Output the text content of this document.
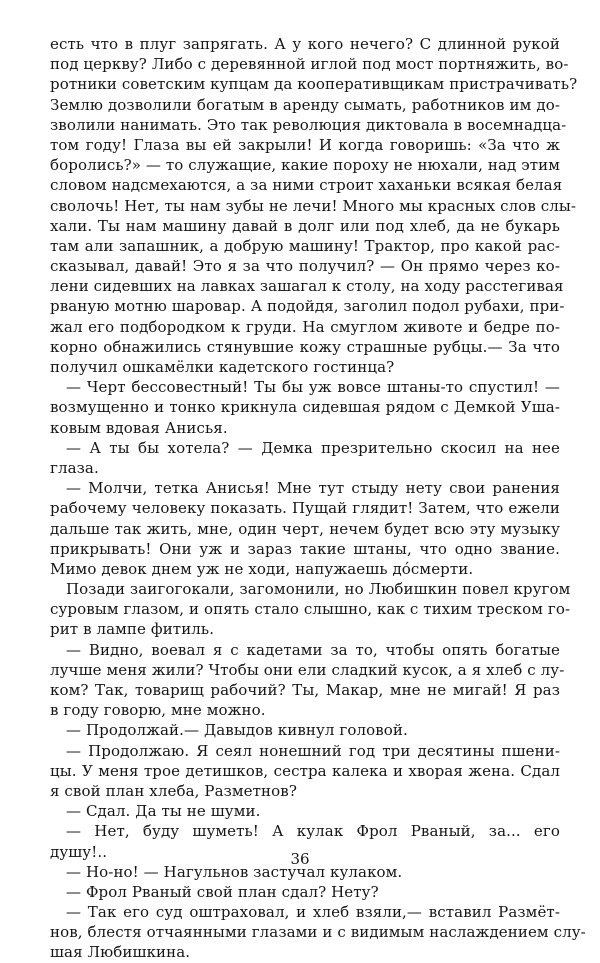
есть что в плуг запрягать. А у кого нечего? С длинной рукой
под церкву? Либо с деревянной иглой под мост портняжить, во-
ротники советским купцам да кооперативщикам пристрачивать?
Землю дозволили богатым в аренду сымать, работников им до-
зволили нанимать. Это так революция диктовала в восемнадца-
том году! Глаза вы ей закрыли! И когда говоришь: «За что ж
боролись?» — то служащие, какие пороху не нюхали, над этим
словом надсмехаются, а за ними строит хаханьки всякая белая
сволочь! Нет, ты нам зубы не лечи! Много мы красных слов слы-
хали. Ты нам машину давай в долг или под хлеб, да не букарь
там али запашник, а добрую машину! Трактор, про какой рас-
сказывал, давай! Это я за что получил? — Он прямо через ко-
лени сидевших на лавках зашагал к столу, на ходу расстегивая
рваную мотню шаровар. А подойдя, заголил подол рубахи, при-
жал его подбородком к груди. На смуглом животе и бедре по-
корно обнажились стянувшие кожу страшные рубцы.— За что
получил ошкамёлки кадетского гостинца?
— Черт бессовестный! Ты бы уж вовсе штаны-то спустил! —
возмущенно и тонко крикнула сидевшая рядом с Демкой Уша-
ковым вдовая Анисья.
— А ты бы хотела? — Демка презрительно скосил на нее
глаза.
— Молчи, тетка Анисья! Мне тут стыду нету свои ранения
рабочему человеку показать. Пущай глядит! Затем, что ежели
дальше так жить, мне, один черт, нечем будет всю эту музыку
прикрывать! Они уж и зараз такие штаны, что одно звание.
Мимо девок днем уж не ходи, напужаешь дóсмерти.
Позади заигогокали, загомонили, но Любишкин повел кругом
суровым глазом, и опять стало слышно, как с тихим треском го-
рит в лампе фитиль.
— Видно, воевал я с кадетами за то, чтобы опять богатые
лучше меня жили? Чтобы они ели сладкий кусок, а я хлеб с лу-
ком? Так, товарищ рабочий? Ты, Макар, мне не мигай! Я раз
в году говорю, мне можно.
— Продолжай.— Давыдов кивнул головой.
— Продолжаю. Я сеял нонешний год три десятины пшени-
цы. У меня трое детишков, сестра калека и хворая жена. Сдал
я свой план хлеба, Разметнов?
— Сдал. Да ты не шуми.
— Нет, буду шуметь! А кулак Фрол Рваный, за... его
душу!..
— Но-но! — Нагульнов застучал кулаком.
— Фрол Рваный свой план сдал? Нету?
— Так его суд оштраховал, и хлеб взяли,— вставил Размёт-
нов, блестя отчаянными глазами и с видимым наслаждением слу-
шая Любишкина.
36
